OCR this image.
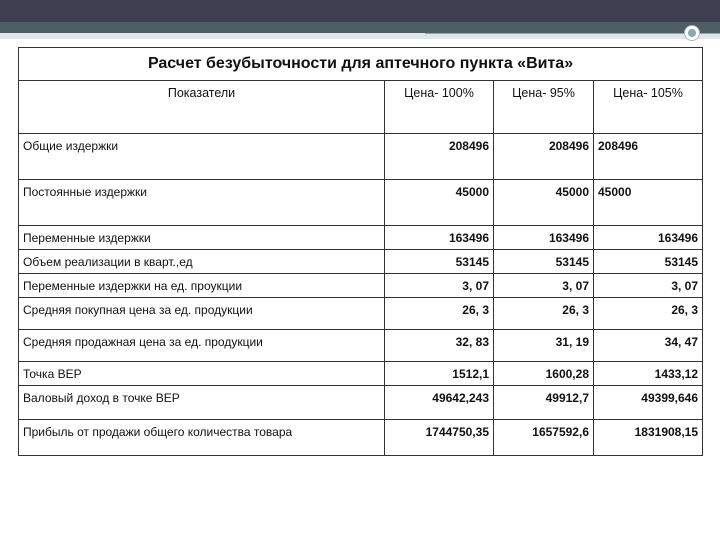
Расчет безубыточности для аптечного пункта «Вита»			
Показатели	Цена- 100%	Цена- 95%	Цена- 105%
Общие издержки	208496	208496	208496
Постоянные издержки	45000	45000	45000
Переменные издержки	163496	163496	163496
Объем реализации в кварт.,ед	53145	53145	53145
Переменные издержки на ед. проукции	3, 07	3, 07	3, 07
Средняя покупная цена за ед. продукции	26, 3	26, 3	26, 3
Средняя продажная цена за ед. продукции	32, 83	31, 19	34, 47
Точка ВЕР	1512,1	1600,28	1433,12
Валовый доход в точке ВЕР	49642,243	49912,7	49399,646
Прибыль от продажи общего количества товара	1744750,35	1657592,6	1831908,15
